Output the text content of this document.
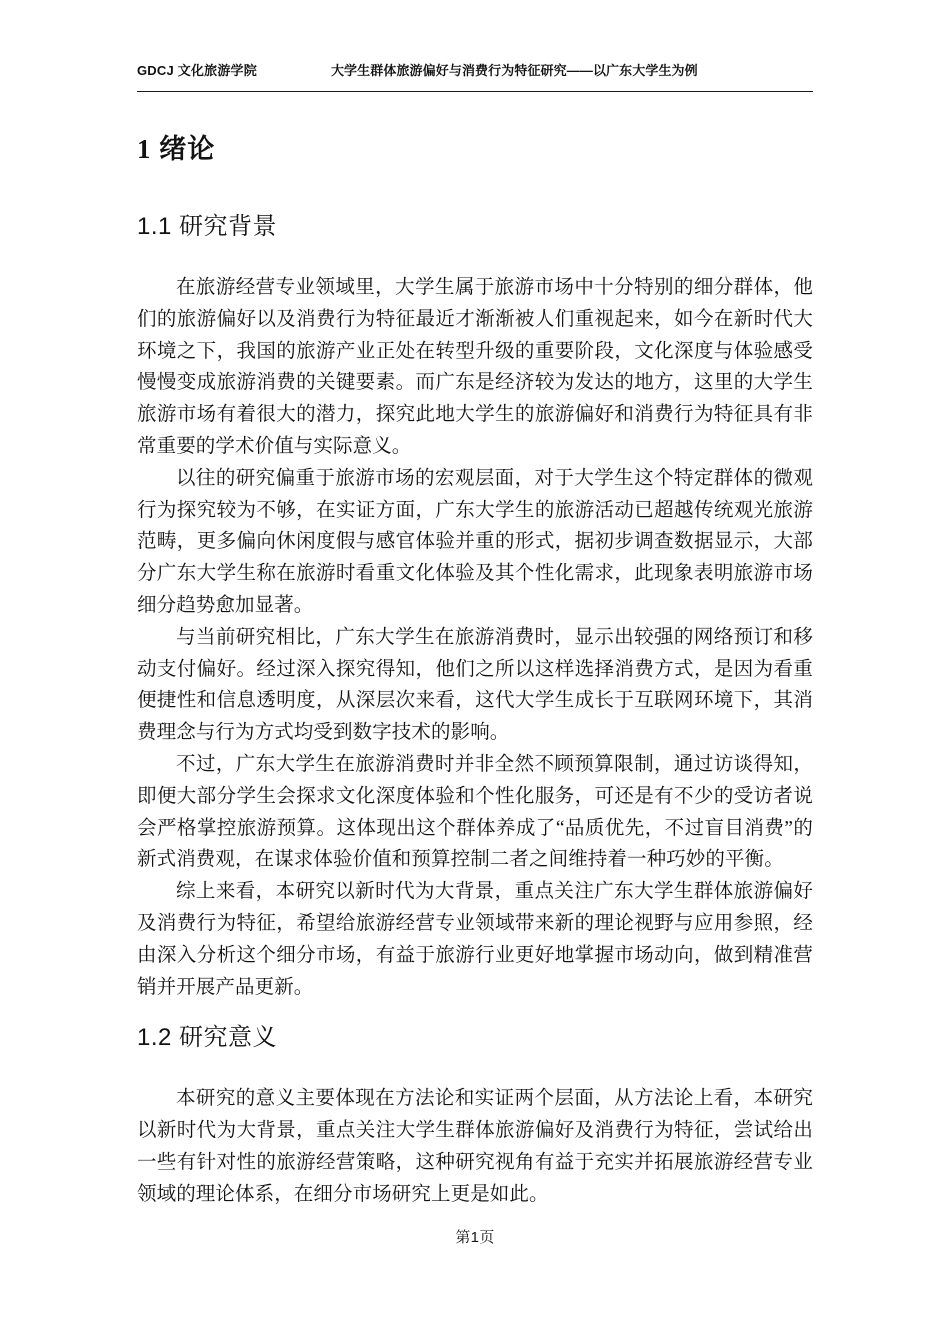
GDCJ 文化旅游学院	大学生群体旅游偏好与消费行为特征研究——以广东大学生为例
1 绪论
1.1 研究背景

在旅游经营专业领域里，大学生属于旅游市场中十分特别的细分群体，他们的旅游偏好以及消费行为特征最近才渐渐被人们重视起来，如今在新时代大环境之下，我国的旅游产业正处在转型升级的重要阶段，文化深度与体验感受慢慢变成旅游消费的关键要素。而广东是经济较为发达的地方，这里的大学生旅游市场有着很大的潜力，探究此地大学生的旅游偏好和消费行为特征具有非常重要的学术价值与实际意义。

以往的研究偏重于旅游市场的宏观层面，对于大学生这个特定群体的微观行为探究较为不够，在实证方面，广东大学生的旅游活动已超越传统观光旅游范畴，更多偏向休闲度假与感官体验并重的形式，据初步调查数据显示，大部分广东大学生称在旅游时看重文化体验及其个性化需求，此现象表明旅游市场细分趋势愈加显著。

与当前研究相比，广东大学生在旅游消费时，显示出较强的网络预订和移动支付偏好。经过深入探究得知，他们之所以这样选择消费方式，是因为看重便捷性和信息透明度，从深层次来看，这代大学生成长于互联网环境下，其消费理念与行为方式均受到数字技术的影响。

不过，广东大学生在旅游消费时并非全然不顾预算限制，通过访谈得知，即便大部分学生会探求文化深度体验和个性化服务，可还是有不少的受访者说会严格掌控旅游预算。这体现出这个群体养成了“品质优先，不过盲目消费”的新式消费观，在谋求体验价值和预算控制二者之间维持着一种巧妙的平衡。

综上来看，本研究以新时代为大背景，重点关注广东大学生群体旅游偏好及消费行为特征，希望给旅游经营专业领域带来新的理论视野与应用参照，经由深入分析这个细分市场，有益于旅游行业更好地掌握市场动向，做到精准营销并开展产品更新。

1.2 研究意义

本研究的意义主要体现在方法论和实证两个层面，从方法论上看，本研究以新时代为大背景，重点关注大学生群体旅游偏好及消费行为特征，尝试给出一些有针对性的旅游经营策略，这种研究视角有益于充实并拓展旅游经营专业领域的理论体系，在细分市场研究上更是如此。

第1页
